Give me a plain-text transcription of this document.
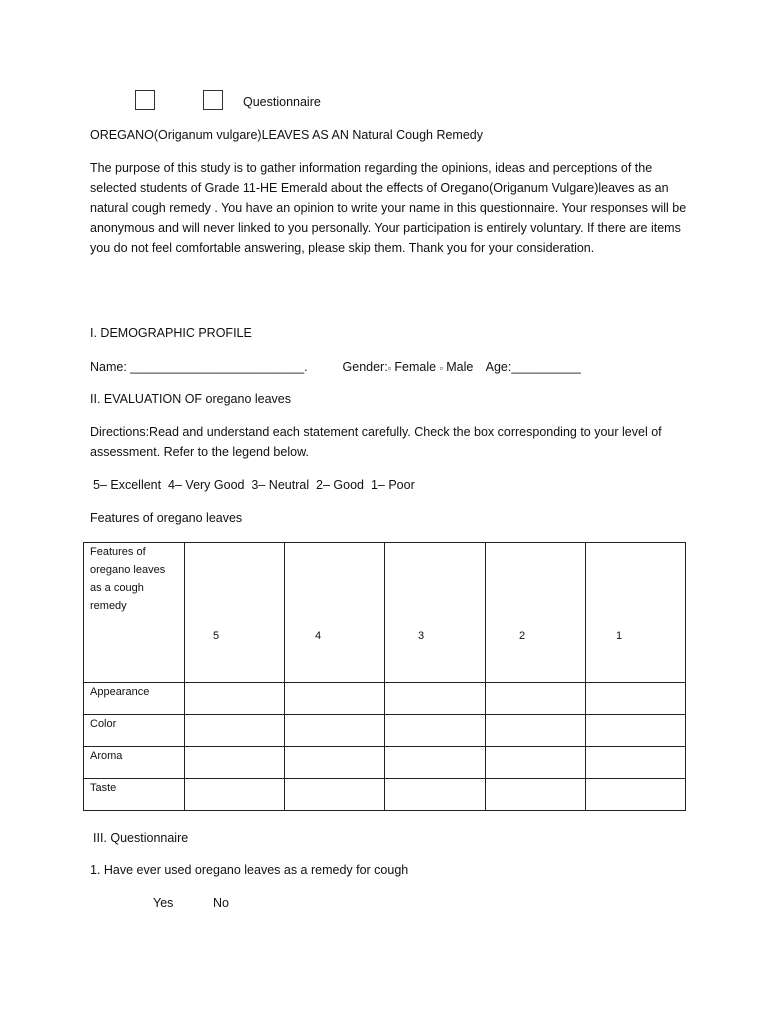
Questionnaire
OREGANO(Origanum vulgare)LEAVES AS AN Natural Cough Remedy
The purpose of this study is to gather information regarding the opinions, ideas and perceptions of the selected students of Grade 11-HE Emerald about the effects of Oregano(Origanum Vulgare)leaves as an natural cough remedy . You have an opinion to write your name in this questionnaire. Your responses will be anonymous and will never linked to you personally. Your participation is entirely voluntary. If there are items you do not feel comfortable answering, please skip them. Thank you for your consideration.
I. DEMOGRAPHIC PROFILE
Name: _________________________.	Gender:▫ Female ▫ Male Age:__________
II. EVALUATION OF oregano leaves
Directions:Read and understand each statement carefully. Check the box corresponding to your level of assessment. Refer to the legend below.
5– Excellent  4– Very Good  3– Neutral  2– Good  1– Poor
Features of oregano leaves
Features of oregano leaves as a cough remedy	5	4	3	2	1
Appearance					
Color					
Aroma					
Taste					
III. Questionnaire
1. Have ever used oregano leaves as a remedy for cough
Yes	No
